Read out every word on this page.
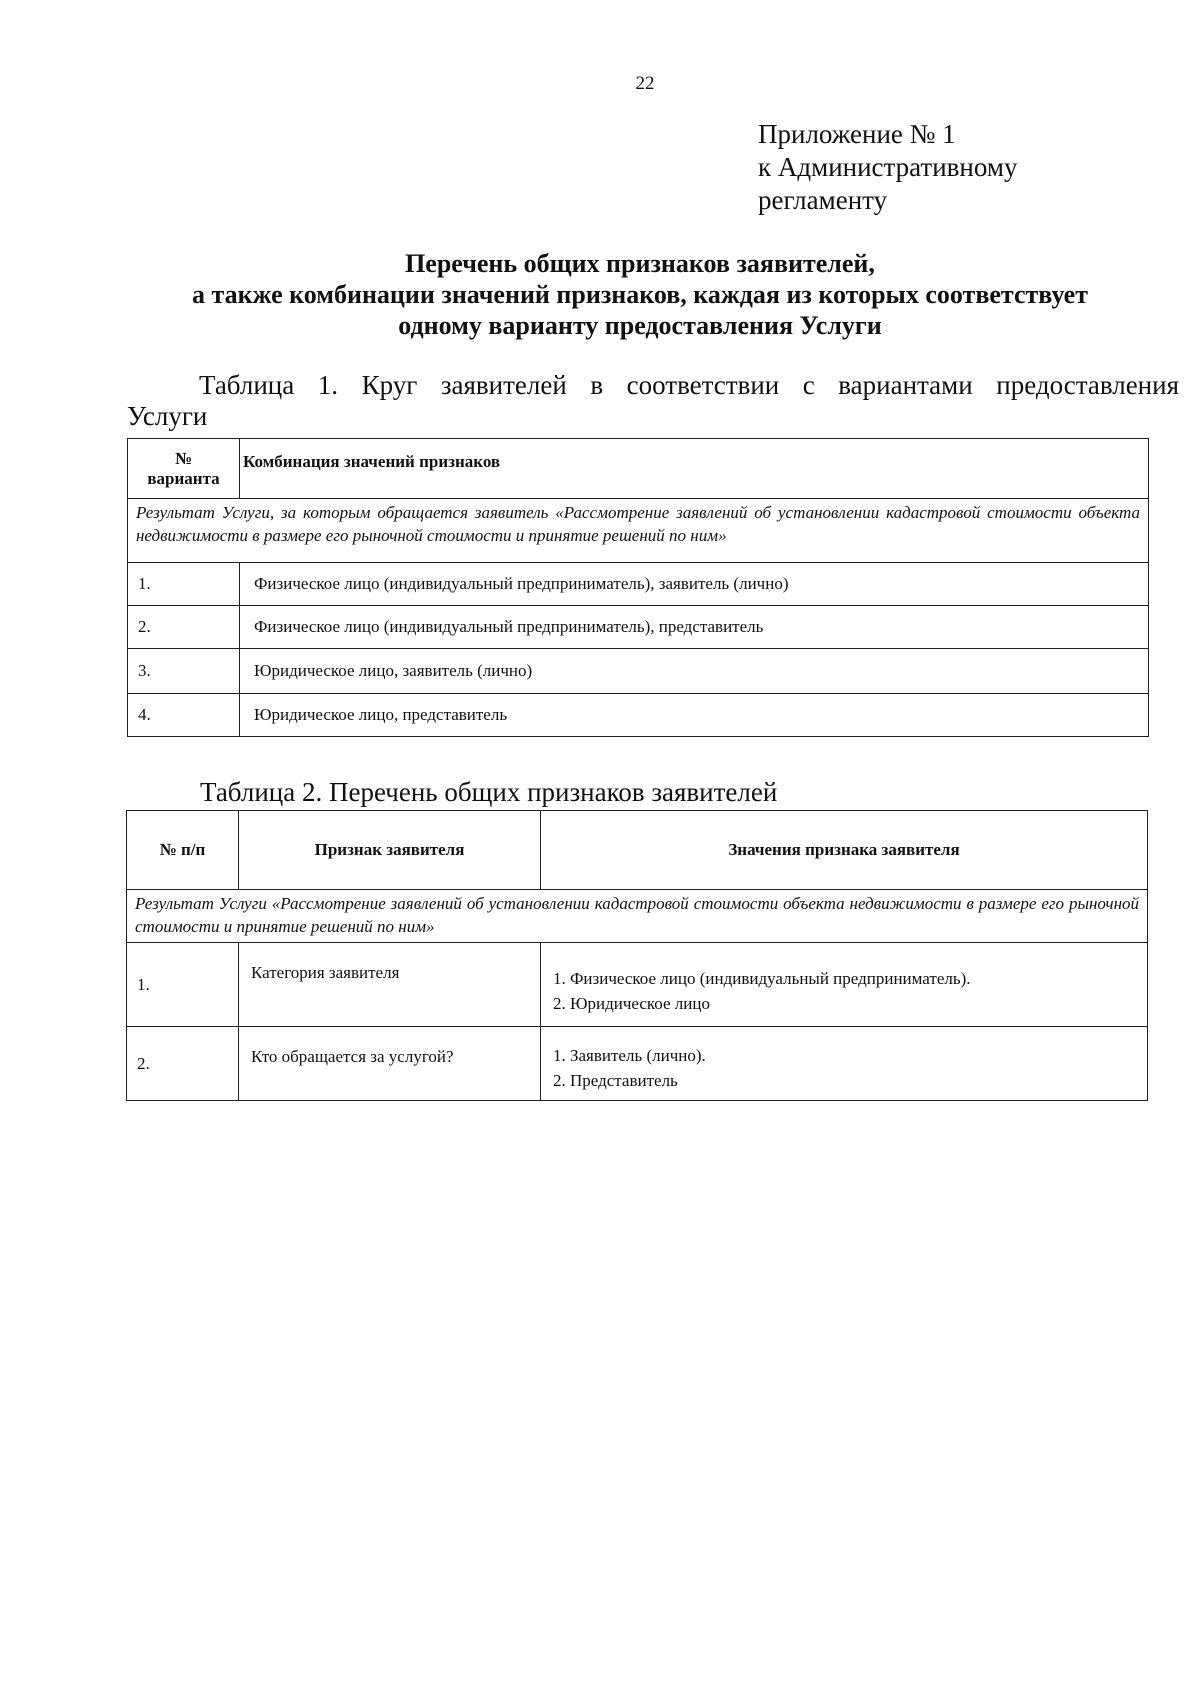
22
Приложение № 1
к Административному
регламенту
Перечень общих признаков заявителей,
а также комбинации значений признаков, каждая из которых соответствует
одному варианту предоставления Услуги
Таблица 1. Круг заявителей в соответствии с вариантами предоставления
Услуги
№
варианта	Комбинация значений признаков
Результат Услуги, за которым обращается заявитель «Рассмотрение заявлений об установлении кадастровой стоимости объекта недвижимости в размере его рыночной стоимости и принятие решений по ним»	
1.	Физическое лицо (индивидуальный предприниматель), заявитель (лично)
2.	Физическое лицо (индивидуальный предприниматель), представитель
3.	Юридическое лицо, заявитель (лично)
4.	Юридическое лицо, представитель
Таблица 2. Перечень общих признаков заявителей
№ п/п	Признак заявителя	Значения признака заявителя
Результат Услуги «Рассмотрение заявлений об установлении кадастровой стоимости объекта недвижимости в размере его рыночной стоимости и принятие решений по ним»		
1.	Категория заявителя	1. Физическое лицо (индивидуальный предприниматель).
2. Юридическое лицо

2.	Кто обращается за услугой?	1. Заявитель (лично).
2. Представитель
